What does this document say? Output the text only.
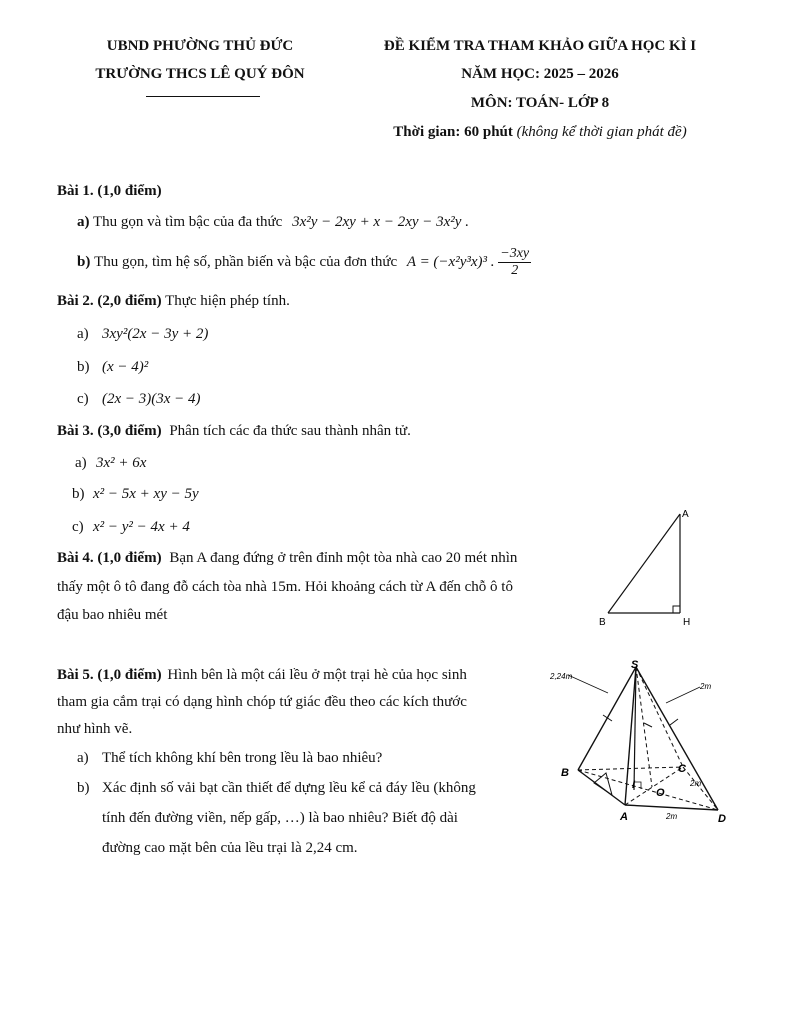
UBND PHƯỜNG THỦ ĐỨC
TRƯỜNG THCS LÊ QUÝ ĐÔN
ĐỀ KIỂM TRA THAM KHẢO GIỮA HỌC KÌ I
NĂM HỌC: 2025 – 2026
MÔN: TOÁN- LỚP 8
Thời gian: 60 phút (không kể thời gian phát đề)
Bài 1. (1,0 điểm)
a) Thu gọn và tìm bậc của đa thức 3x²y − 2xy + x − 2xy − 3x²y .
b) Thu gọn, tìm hệ số, phần biến và bậc của đơn thức A = (−x²y³x)³ . $\frac{-3xy}{2}$
Bài 2. (2,0 điểm) Thực hiện phép tính.
a) 3xy²(2x − 3y + 2)
b) (x − 4)²
c) (2x − 3)(3x − 4)
Bài 3. (3,0 điểm) Phân tích các đa thức sau thành nhân tử.
a) 3x² + 6x
b) x² − 5x + xy − 5y
c) x² − y² − 4x + 4
Bài 4. (1,0 điểm) Bạn A đang đứng ở trên đỉnh một tòa nhà cao 20 mét nhìn
thấy một ô tô đang đỗ cách tòa nhà 15m. Hỏi khoảng cách từ A đến chỗ ô tô
đậu bao nhiêu mét
A
B	H
Bài 5. (1,0 điểm) Hình bên là một cái lều ở một trại hè của học sinh
tham gia cắm trại có dạng hình chóp tứ giác đều theo các kích thước
như hình vẽ.
a) Thể tích không khí bên trong lều là bao nhiêu?
b) Xác định số vải bạt cần thiết để dựng lều kể cả đáy lều (không
tính đến đường viền, nếp gấp, …) là bao nhiêu? Biết độ dài
đường cao mặt bên của lều trại là 2,24 cm.
S
B	C
A	D
I
O
2,24m
2m
2m
2m
